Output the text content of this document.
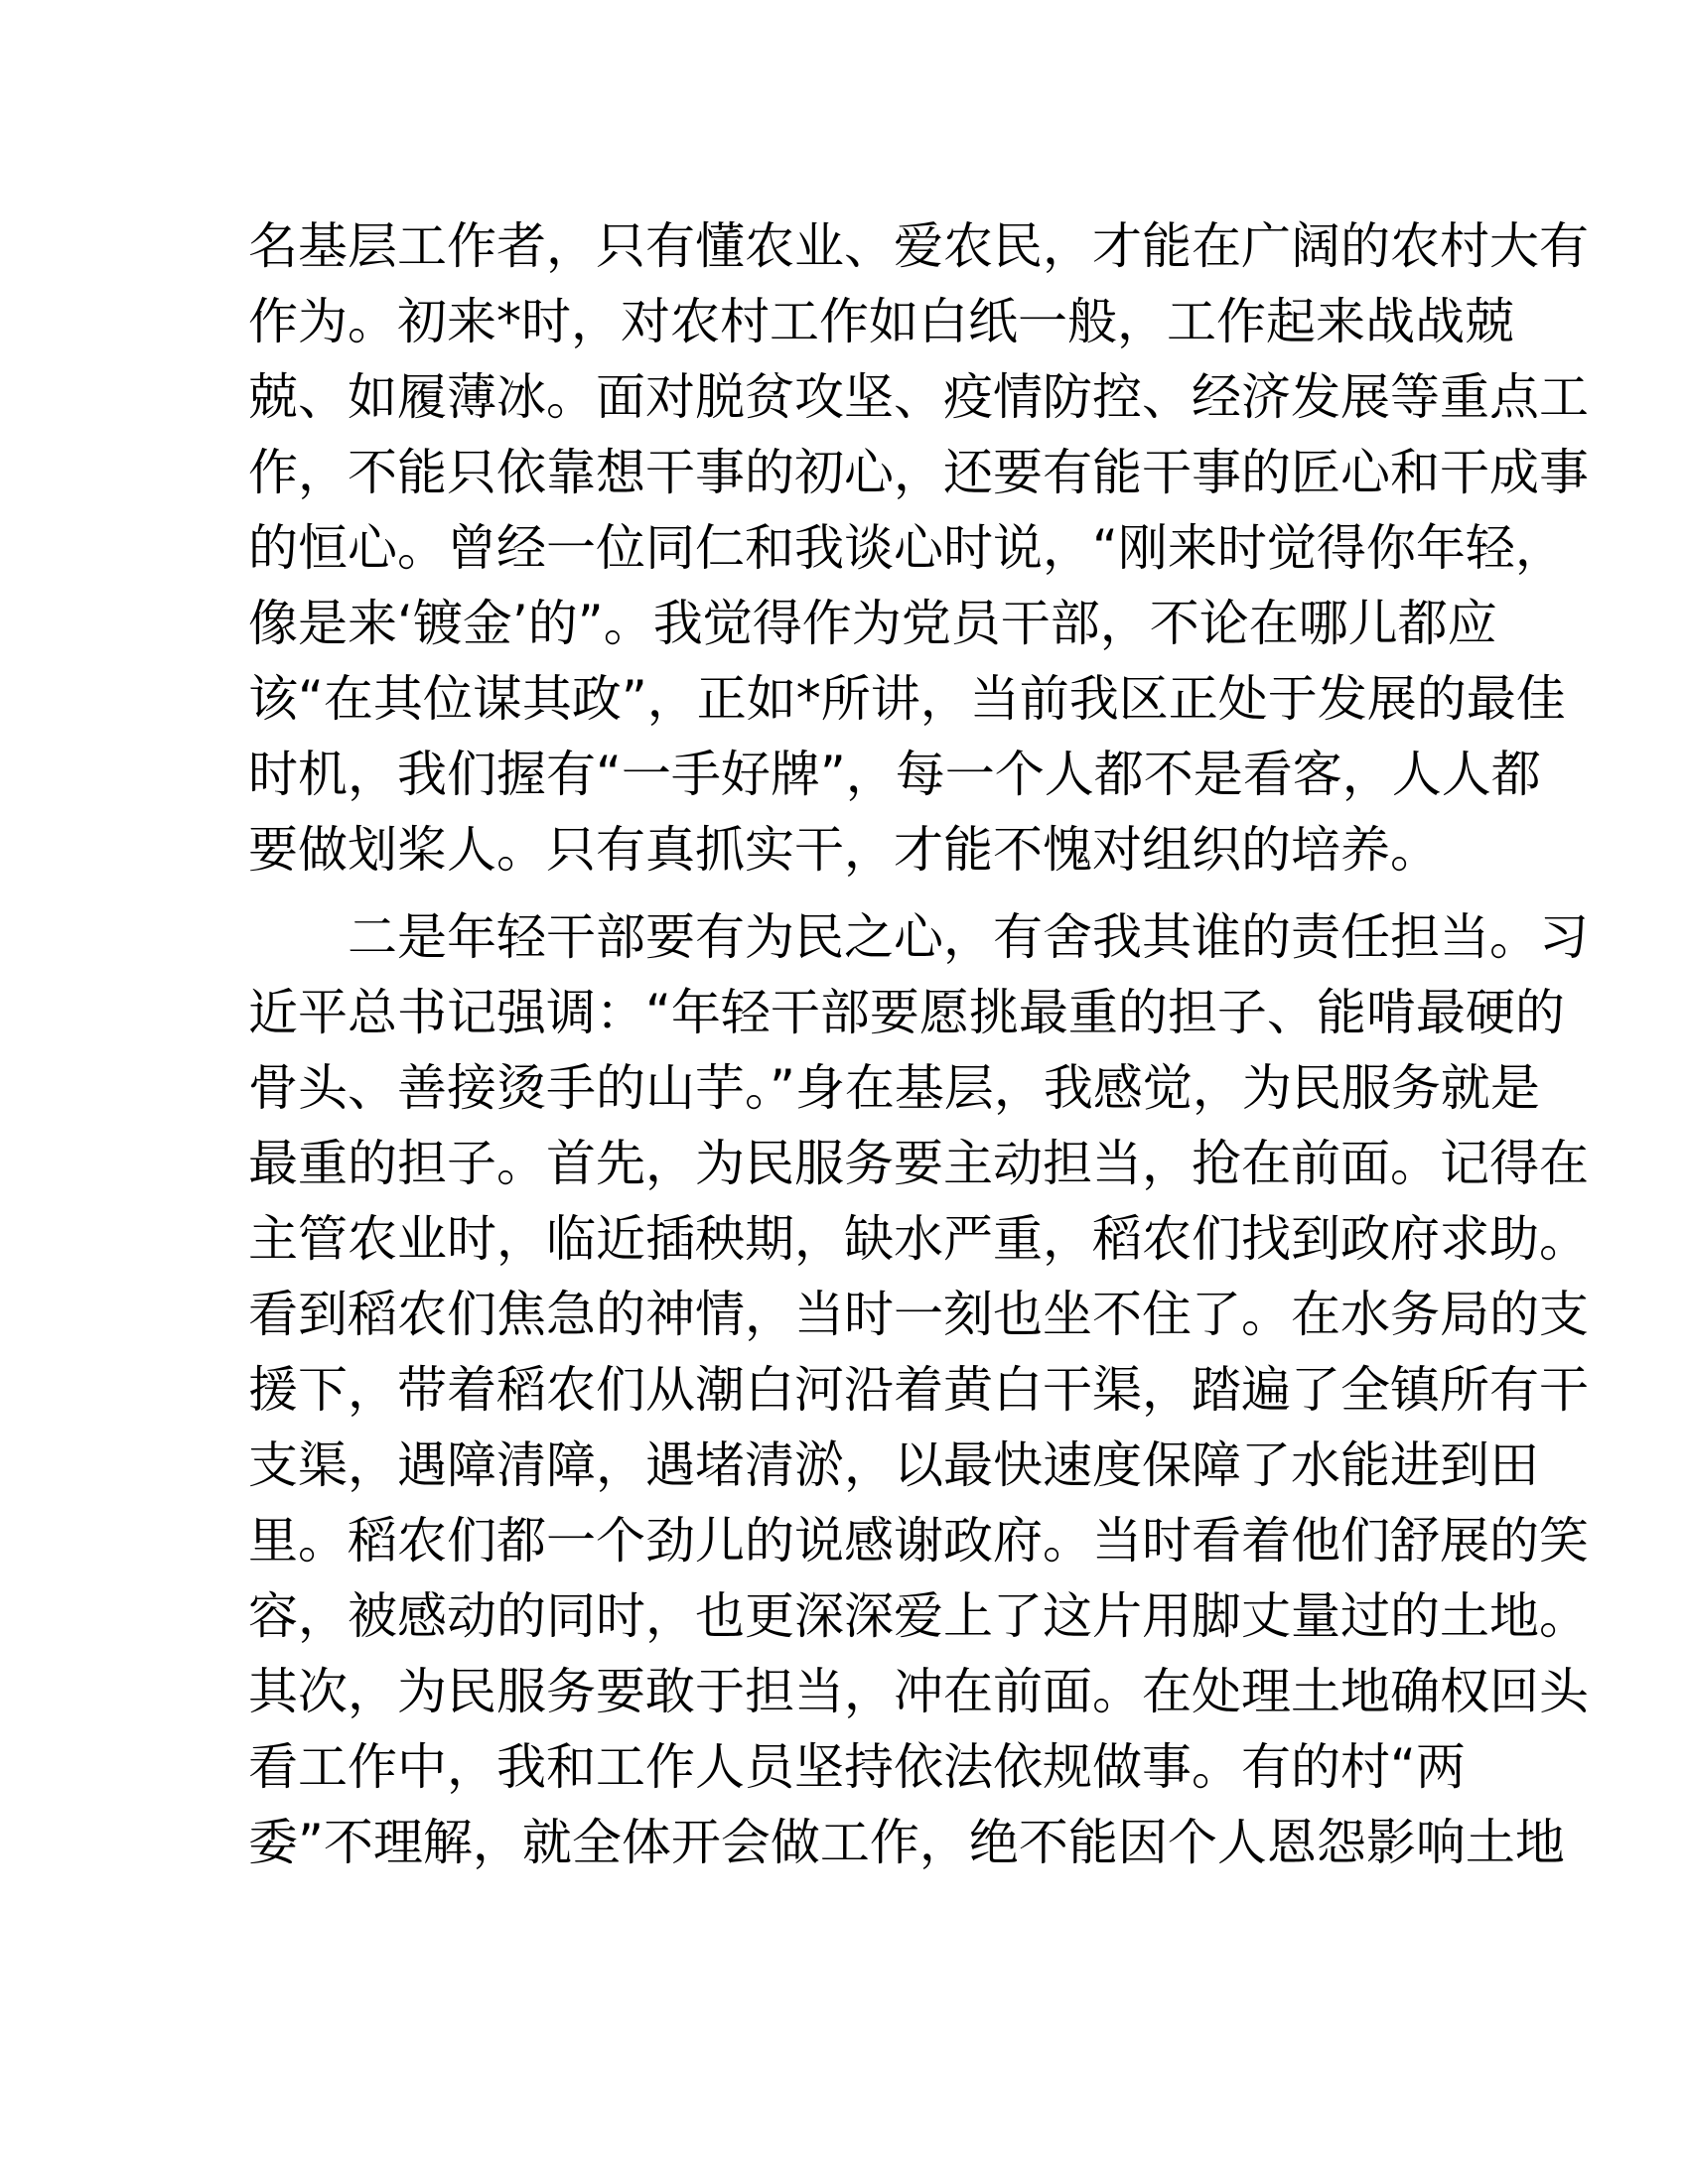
名基层工作者，只有懂农业、爱农民，才能在广阔的农村大有
作为。初来*时，对农村工作如白纸一般，工作起来战战兢
兢、如履薄冰。面对脱贫攻坚、疫情防控、经济发展等重点工
作，不能只依靠想干事的初心，还要有能干事的匠心和干成事
的恒心。曾经一位同仁和我谈心时说，“刚来时觉得你年轻，
像是来‘镀金’的”。我觉得作为党员干部，不论在哪儿都应
该“在其位谋其政”，正如*所讲，当前我区正处于发展的最佳
时机，我们握有“一手好牌”，每一个人都不是看客，人人都
要做划桨人。只有真抓实干，才能不愧对组织的培养。
二是年轻干部要有为民之心，有舍我其谁的责任担当。习
近平总书记强调：“年轻干部要愿挑最重的担子、能啃最硬的
骨头、善接烫手的山芋。”身在基层，我感觉，为民服务就是
最重的担子。首先，为民服务要主动担当，抢在前面。记得在
主管农业时，临近插秧期，缺水严重，稻农们找到政府求助。
看到稻农们焦急的神情，当时一刻也坐不住了。在水务局的支
援下，带着稻农们从潮白河沿着黄白干渠，踏遍了全镇所有干
支渠，遇障清障，遇堵清淤，以最快速度保障了水能进到田
里。稻农们都一个劲儿的说感谢政府。当时看着他们舒展的笑
容，被感动的同时，也更深深爱上了这片用脚丈量过的土地。
其次，为民服务要敢于担当，冲在前面。在处理土地确权回头
看工作中，我和工作人员坚持依法依规做事。有的村“两
委”不理解，就全体开会做工作，绝不能因个人恩怨影响土地
